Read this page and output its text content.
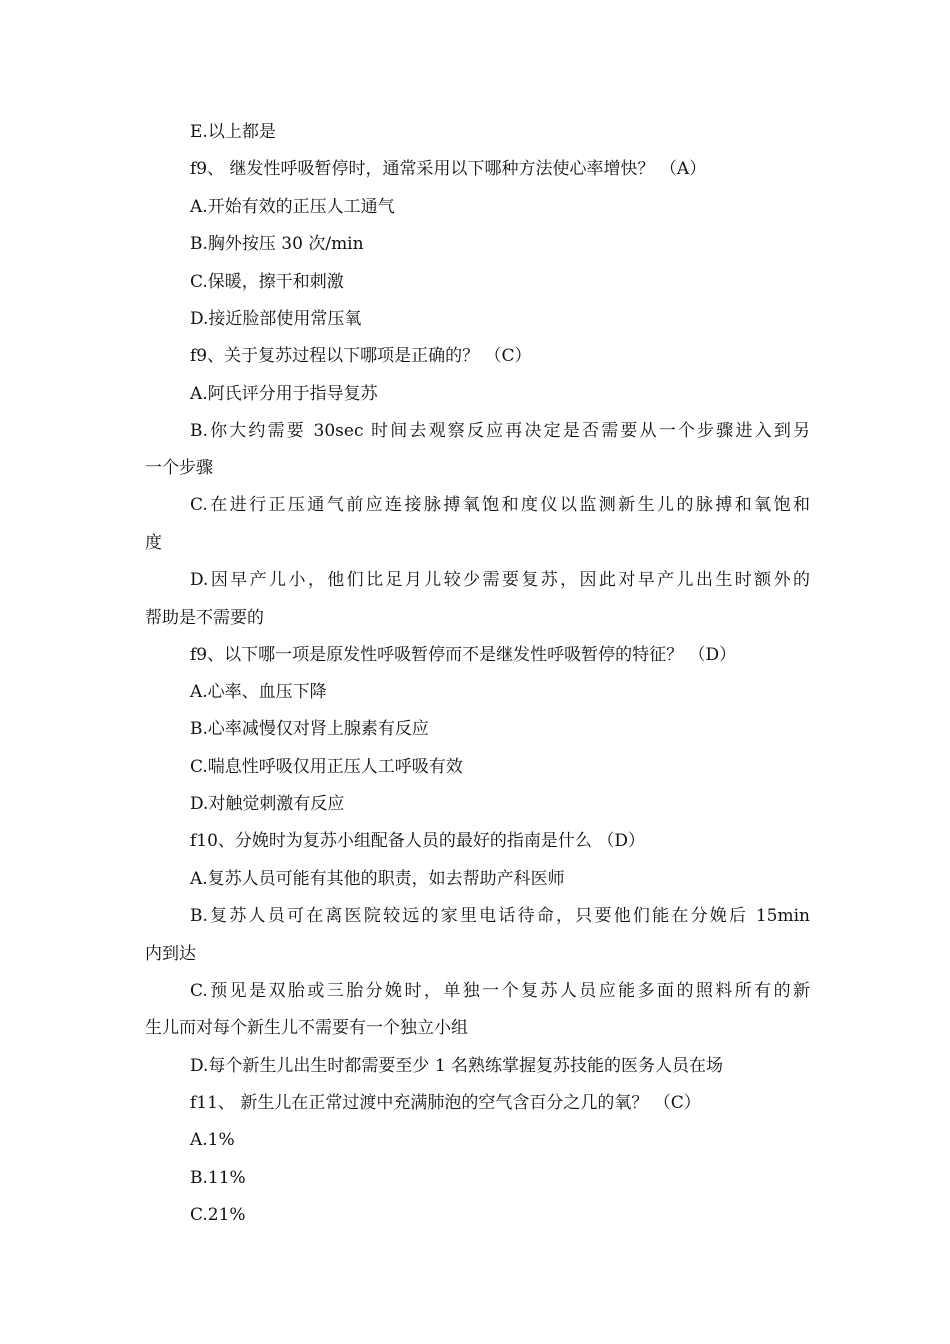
E.以上都是
f9、 继发性呼吸暂停时，通常采用以下哪种方法使心率增快？ （A）
A.开始有效的正压人工通气
B.胸外按压 30 次/min
C.保暖，擦干和刺激
D.接近脸部使用常压氧
f9、关于复苏过程以下哪项是正确的？ （C）
A.阿氏评分用于指导复苏
B.你大约需要 30sec 时间去观察反应再决定是否需要从一个步骤进入到另
一个步骤
C.在进行正压通气前应连接脉搏氧饱和度仪以监测新生儿的脉搏和氧饱和
度
D.因早产儿小，他们比足月儿较少需要复苏，因此对早产儿出生时额外的
帮助是不需要的
f9、以下哪一项是原发性呼吸暂停而不是继发性呼吸暂停的特征？ （D）
A.心率、血压下降
B.心率减慢仅对肾上腺素有反应
C.喘息性呼吸仅用正压人工呼吸有效
D.对触觉刺激有反应
f10、分娩时为复苏小组配备人员的最好的指南是什么 （D）
A.复苏人员可能有其他的职责，如去帮助产科医师
B.复苏人员可在离医院较远的家里电话待命，只要他们能在分娩后 15min
内到达
C.预见是双胎或三胎分娩时，单独一个复苏人员应能多面的照料所有的新
生儿而对每个新生儿不需要有一个独立小组
D.每个新生儿出生时都需要至少 1 名熟练掌握复苏技能的医务人员在场
f11、 新生儿在正常过渡中充满肺泡的空气含百分之几的氧？ （C）
A.1%
B.11%
C.21%
